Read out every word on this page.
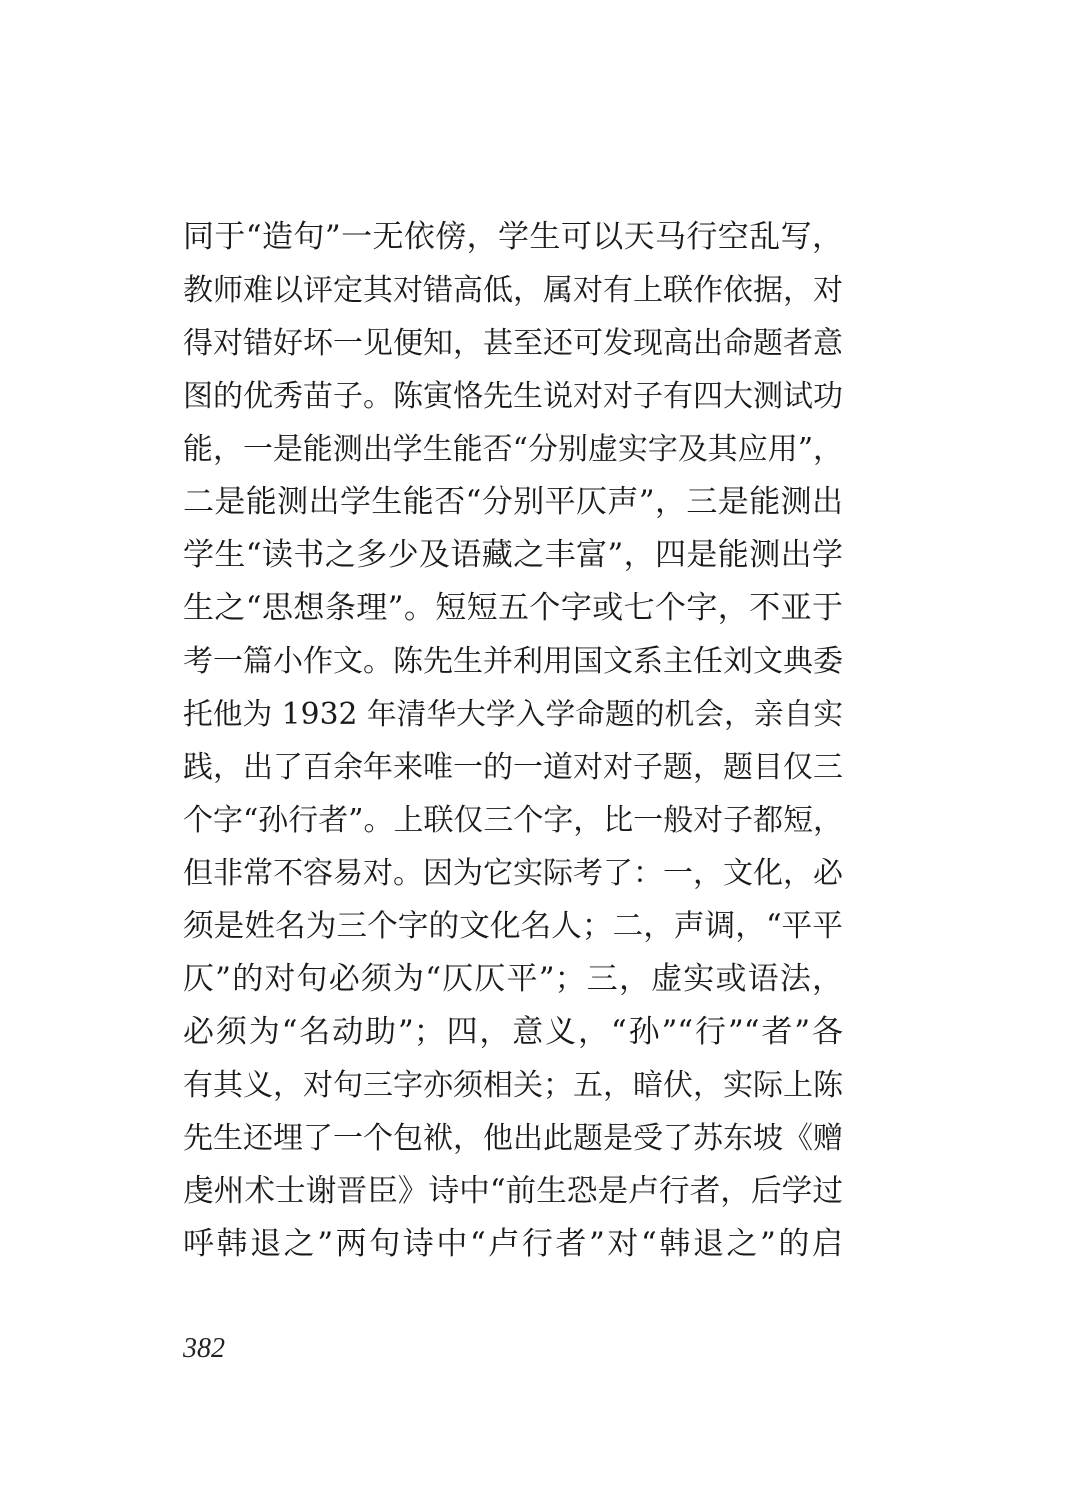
同于“造句”一无依傍，学生可以天马行空乱写，
教师难以评定其对错高低，属对有上联作依据，对
得对错好坏一见便知，甚至还可发现高出命题者意
图的优秀苗子。陈寅恪先生说对对子有四大测试功
能，一是能测出学生能否“分别虚实字及其应用”，
二是能测出学生能否“分别平仄声”，三是能测出
学生“读书之多少及语藏之丰富”，四是能测出学
生之“思想条理”。短短五个字或七个字，不亚于
考一篇小作文。陈先生并利用国文系主任刘文典委
托他为 1932 年清华大学入学命题的机会，亲自实
践，出了百余年来唯一的一道对对子题，题目仅三
个字“孙行者”。上联仅三个字，比一般对子都短，
但非常不容易对。因为它实际考了：一，文化，必
须是姓名为三个字的文化名人；二，声调，“平平
仄”的对句必须为“仄仄平”；三，虚实或语法，
必须为“名动助”；四，意义，“孙”“行”“者”各
有其义，对句三字亦须相关；五，暗伏，实际上陈
先生还埋了一个包袱，他出此题是受了苏东坡《赠
虔州术士谢晋臣》诗中“前生恐是卢行者，后学过
呼韩退之”两句诗中“卢行者”对“韩退之”的启
382
